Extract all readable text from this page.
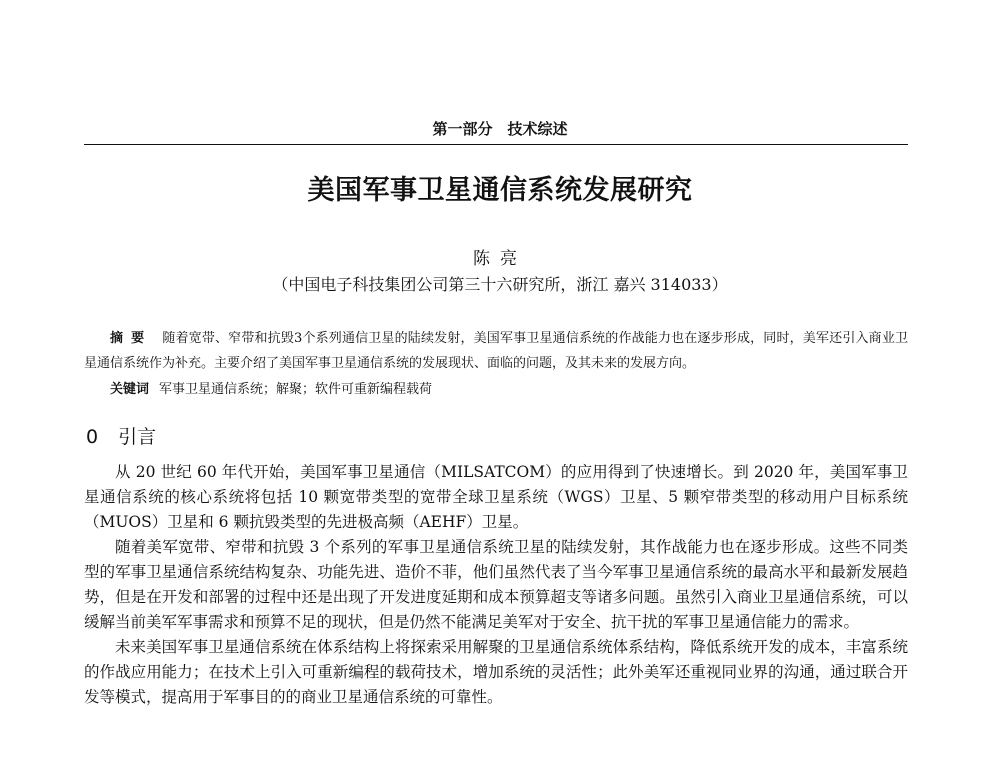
第一部分　技术综述
美国军事卫星通信系统发展研究
陈亮
（中国电子科技集团公司第三十六研究所，浙江 嘉兴 314033）
摘要 随着宽带、窄带和抗毁3个系列通信卫星的陆续发射，美国军事卫星通信系统的作战能力也在逐步形成，同时，美军还引入商业卫星通信系统作为补充。主要介绍了美国军事卫星通信系统的发展现状、面临的问题，及其未来的发展方向。
关键词 军事卫星通信系统；解聚；软件可重新编程载荷
0 引言

从 20 世纪 60 年代开始，美国军事卫星通信（MILSATCOM）的应用得到了快速增长。到 2020 年，美国军事卫星通信系统的核心系统将包括 10 颗宽带类型的宽带全球卫星系统（WGS）卫星、5 颗窄带类型的移动用户目标系统（MUOS）卫星和 6 颗抗毁类型的先进极高频（AEHF）卫星。

随着美军宽带、窄带和抗毁 3 个系列的军事卫星通信系统卫星的陆续发射，其作战能力也在逐步形成。这些不同类型的军事卫星通信系统结构复杂、功能先进、造价不菲，他们虽然代表了当今军事卫星通信系统的最高水平和最新发展趋势，但是在开发和部署的过程中还是出现了开发进度延期和成本预算超支等诸多问题。虽然引入商业卫星通信系统，可以缓解当前美军军事需求和预算不足的现状，但是仍然不能满足美军对于安全、抗干扰的军事卫星通信能力的需求。

未来美国军事卫星通信系统在体系结构上将探索采用解聚的卫星通信系统体系结构，降低系统开发的成本，丰富系统的作战应用能力；在技术上引入可重新编程的载荷技术，增加系统的灵活性；此外美军还重视同业界的沟通，通过联合开发等模式，提高用于军事目的的商业卫星通信系统的可靠性。
